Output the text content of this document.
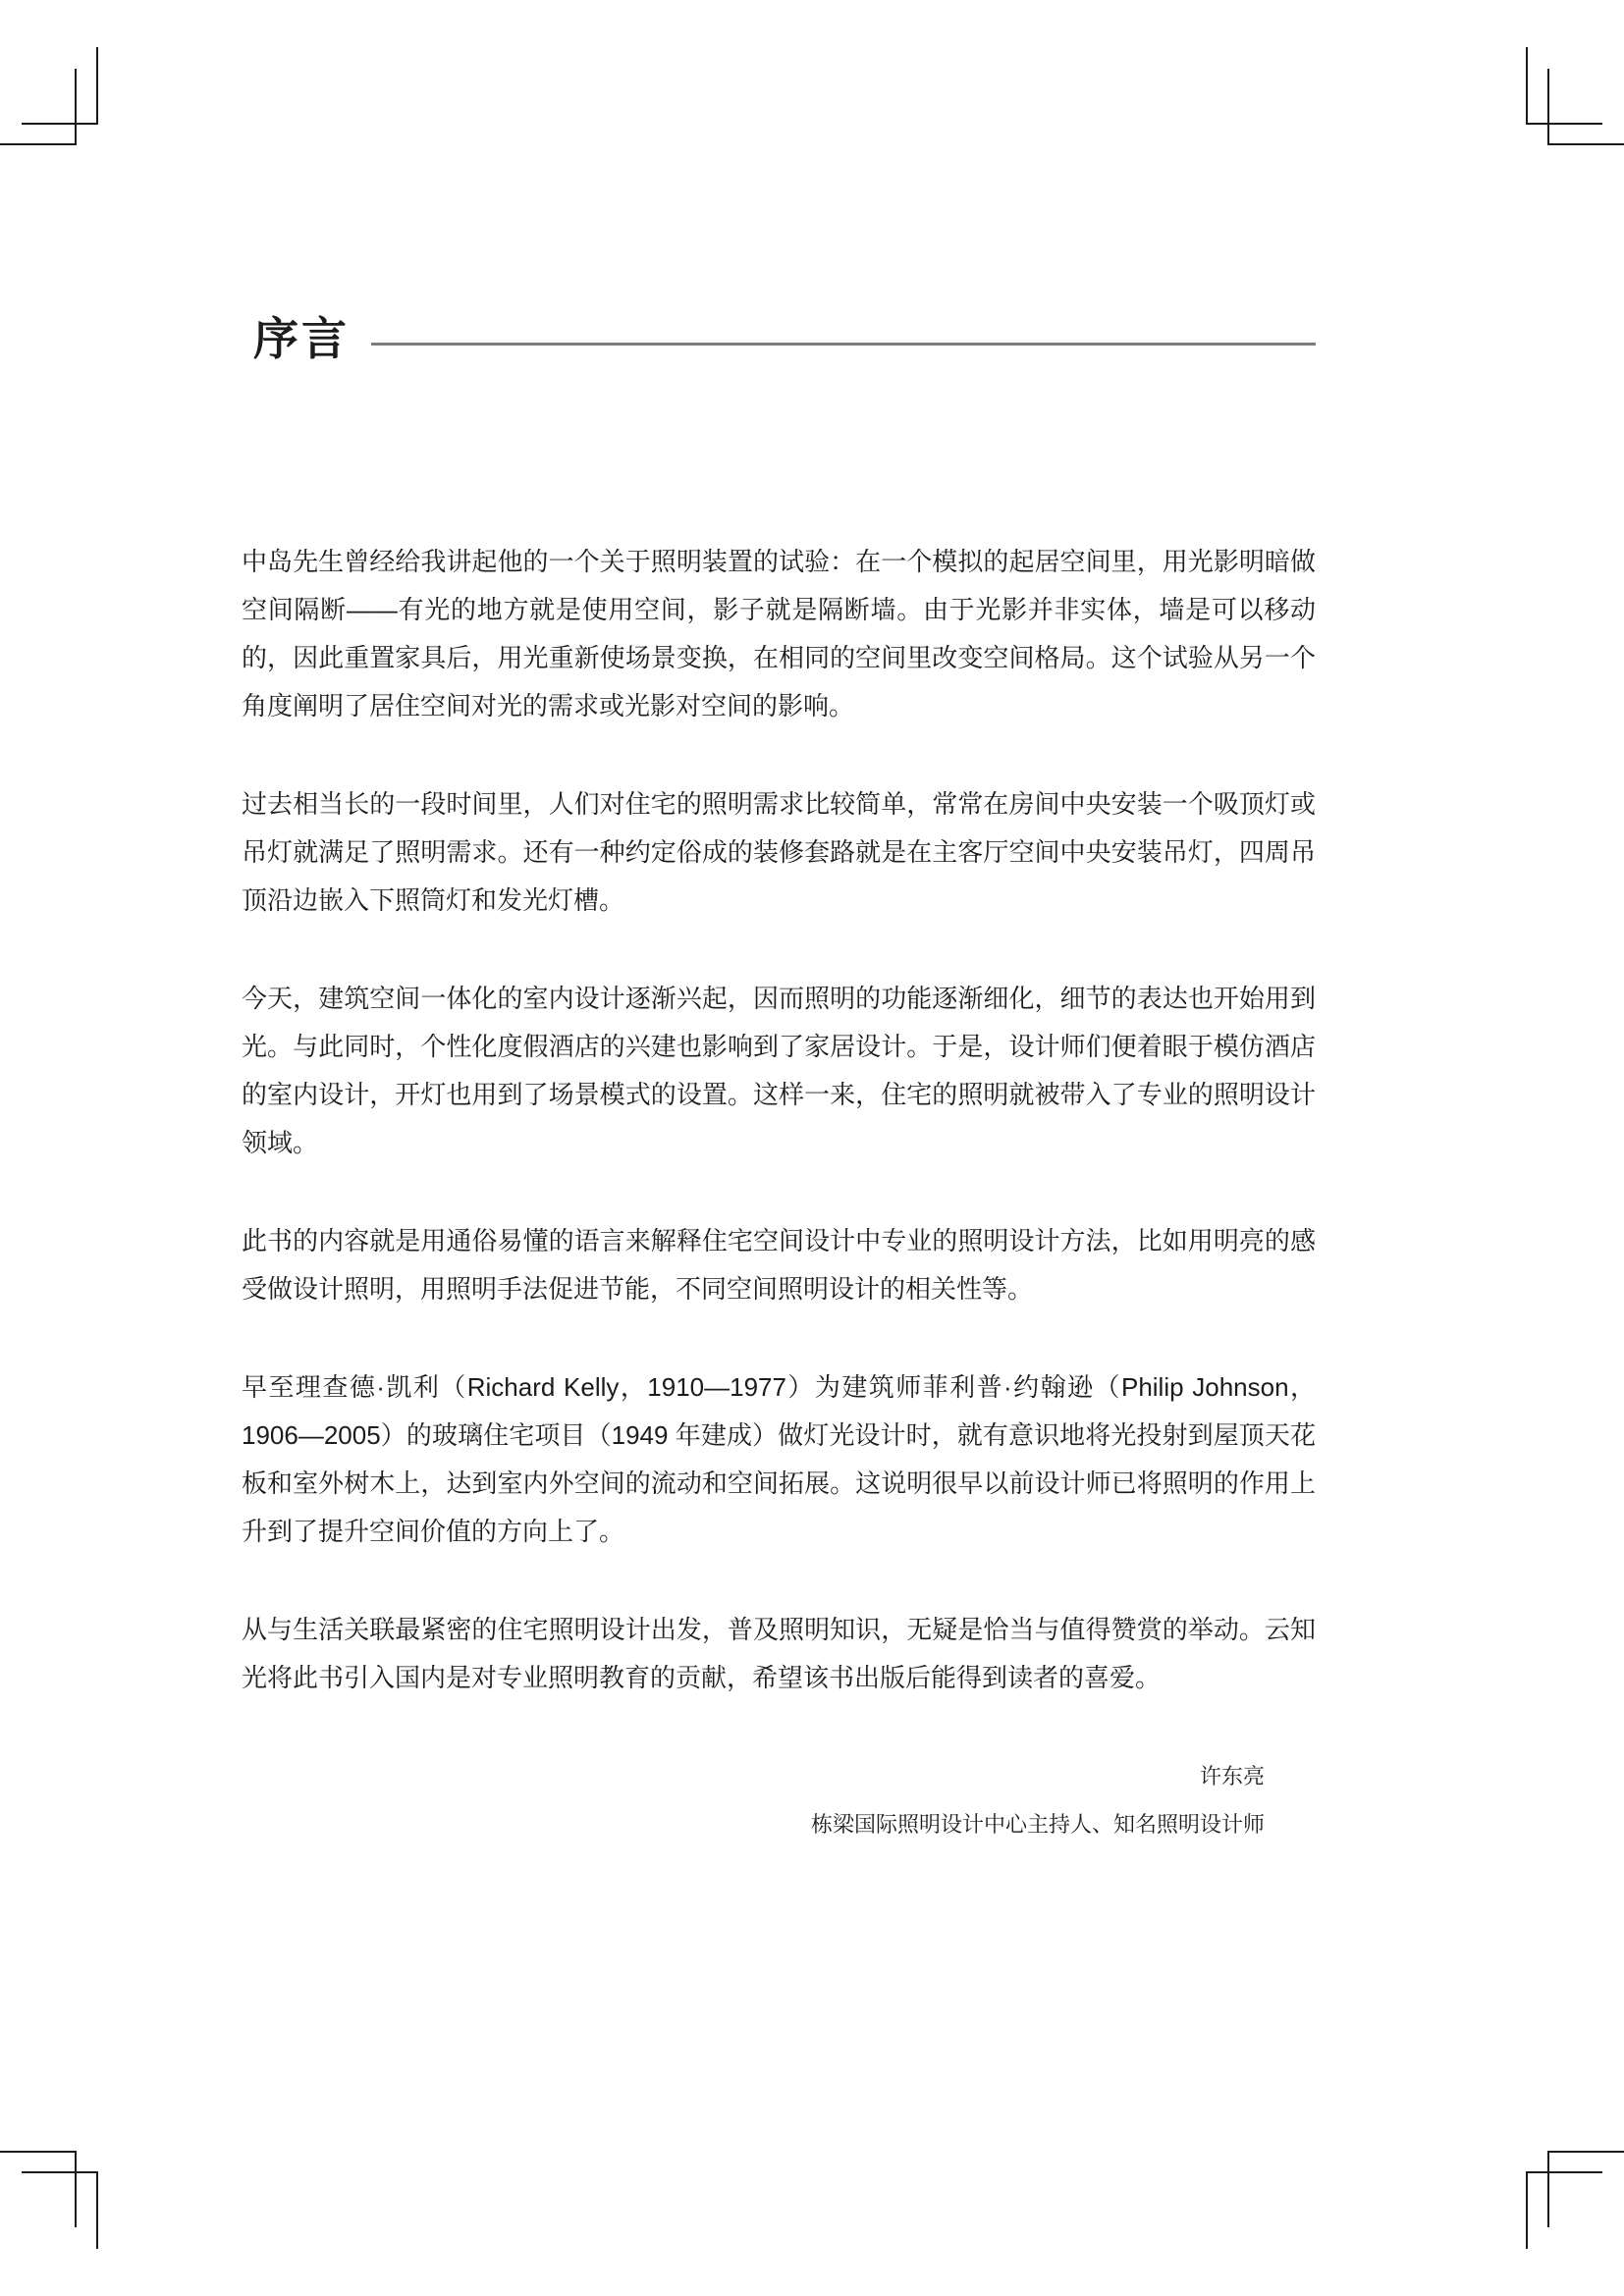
序言

中岛先生曾经给我讲起他的一个关于照明装置的试验：在一个模拟的起居空间里，用光影明暗做空间隔断——有光的地方就是使用空间，影子就是隔断墙。由于光影并非实体，墙是可以移动的，因此重置家具后，用光重新使场景变换，在相同的空间里改变空间格局。这个试验从另一个角度阐明了居住空间对光的需求或光影对空间的影响。

过去相当长的一段时间里，人们对住宅的照明需求比较简单，常常在房间中央安装一个吸顶灯或吊灯就满足了照明需求。还有一种约定俗成的装修套路就是在主客厅空间中央安装吊灯，四周吊顶沿边嵌入下照筒灯和发光灯槽。

今天，建筑空间一体化的室内设计逐渐兴起，因而照明的功能逐渐细化，细节的表达也开始用到光。与此同时，个性化度假酒店的兴建也影响到了家居设计。于是，设计师们便着眼于模仿酒店的室内设计，开灯也用到了场景模式的设置。这样一来，住宅的照明就被带入了专业的照明设计领域。

此书的内容就是用通俗易懂的语言来解释住宅空间设计中专业的照明设计方法，比如用明亮的感受做设计照明，用照明手法促进节能，不同空间照明设计的相关性等。

早至理查德·凯利（Richard Kelly，1910—1977）为建筑师菲利普·约翰逊（Philip Johnson，1906—2005）的玻璃住宅项目（1949 年建成）做灯光设计时，就有意识地将光投射到屋顶天花板和室外树木上，达到室内外空间的流动和空间拓展。这说明很早以前设计师已将照明的作用上升到了提升空间价值的方向上了。

从与生活关联最紧密的住宅照明设计出发，普及照明知识，无疑是恰当与值得赞赏的举动。云知光将此书引入国内是对专业照明教育的贡献，希望该书出版后能得到读者的喜爱。

许东亮
栋梁国际照明设计中心主持人、知名照明设计师
